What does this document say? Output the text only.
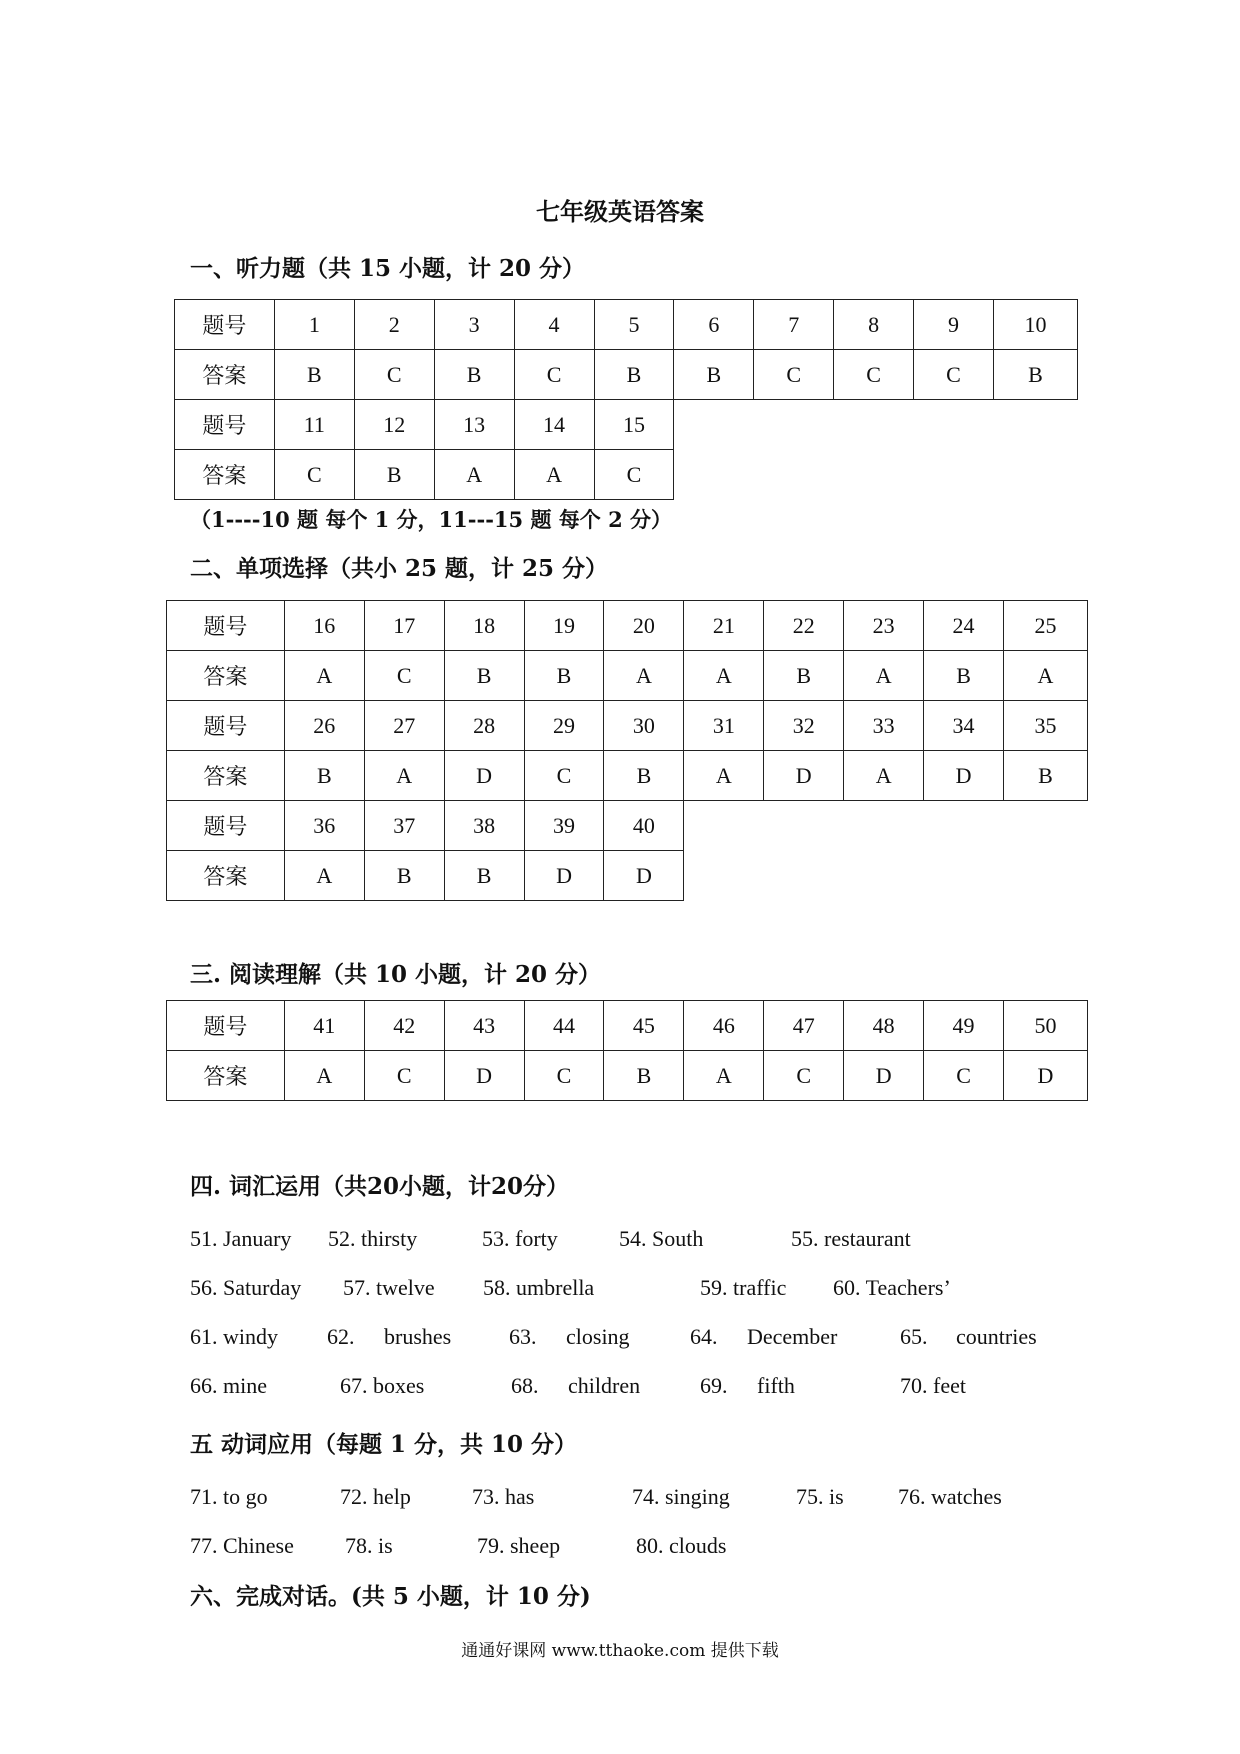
七年级英语答案
一、听力题（共 15 小题，计 20 分）
题号	1	2	3	4	5	6	7	8	9	10
答案	B	C	B	C	B	B	C	C	C	B
题号	11	12	13	14	15					
答案	C	B	A	A	C					
（1----10 题 每个 1 分，11---15 题 每个 2 分）
二、单项选择（共小 25 题，计 25 分）
题号	16	17	18	19	20	21	22	23	24	25
答案	A	C	B	B	A	A	B	A	B	A
题号	26	27	28	29	30	31	32	33	34	35
答案	B	A	D	C	B	A	D	A	D	B
题号	36	37	38	39	40					
答案	A	B	B	D	D					
三. 阅读理解（共 10 小题，计 20 分）
题号	41	42	43	44	45	46	47	48	49	50
答案	A	C	D	C	B	A	C	D	C	D
四. 词汇运用（共20小题，计20分）
51. January 52. thirsty	53. forty	54. South	55. restaurant
56. Saturday 57. twelve 58. umbrella	59. traffic 60. Teachers’
61. windy 62. brushes	63. closing	64. December	65. countries
66. mine	67. boxes	68. children	69. fifth	70. feet
五 动词应用（每题 1 分，共 10 分）
71. to go	72. help	73. has	74. singing	75. is 76. watches
77. Chinese 78. is	79. sheep	80. clouds
六、完成对话。(共 5 小题，计 10 分)
通通好课网 www.tthaoke.com 提供下载
